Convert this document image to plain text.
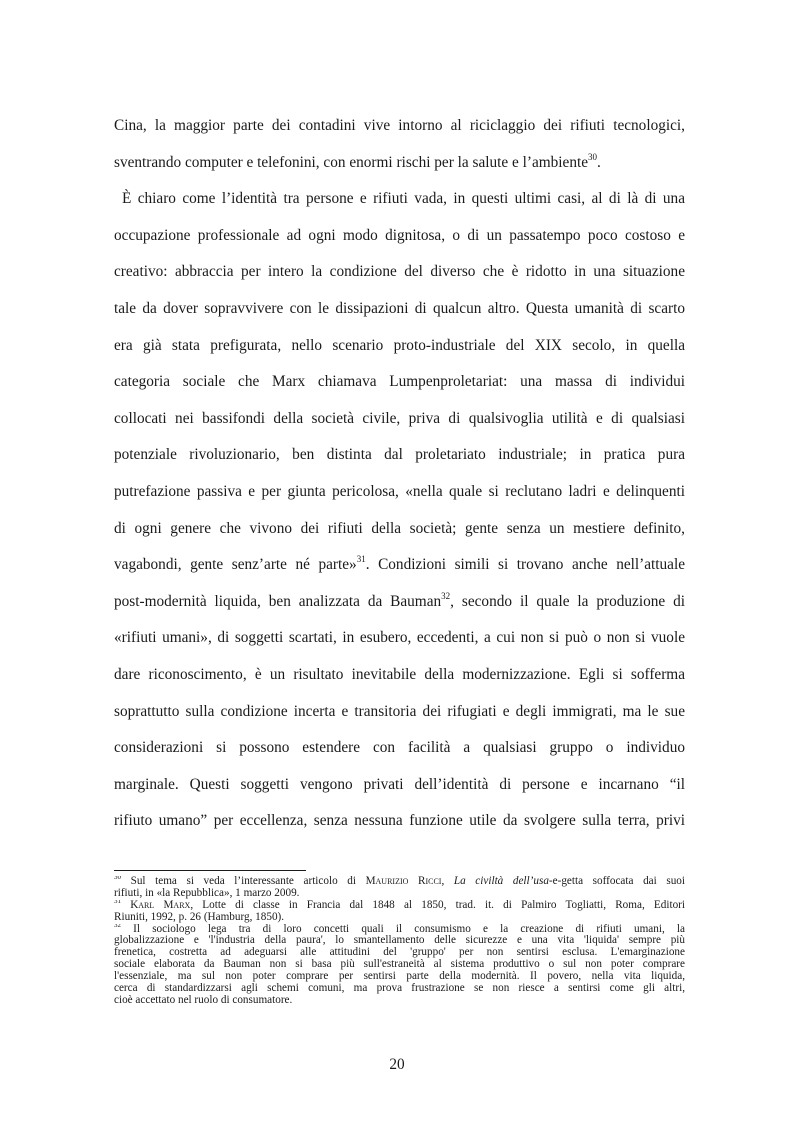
Cina, la maggior parte dei contadini vive intorno al riciclaggio dei rifiuti tecnologici,
sventrando computer e telefonini, con enormi rischi per la salute e l’ambiente$^{30}$.
È chiaro come l’identità tra persone e rifiuti vada, in questi ultimi casi, al di là di una
occupazione professionale ad ogni modo dignitosa, o di un passatempo poco costoso e
creativo: abbraccia per intero la condizione del diverso che è ridotto in una situazione
tale da dover sopravvivere con le dissipazioni di qualcun altro. Questa umanità di scarto
era già stata prefigurata, nello scenario proto-industriale del XIX secolo, in quella
categoria sociale che Marx chiamava Lumpenproletariat: una massa di individui
collocati nei bassifondi della società civile, priva di qualsivoglia utilità e di qualsiasi
potenziale rivoluzionario, ben distinta dal proletariato industriale; in pratica pura
putrefazione passiva e per giunta pericolosa, «nella quale si reclutano ladri e delinquenti
di ogni genere che vivono dei rifiuti della società; gente senza un mestiere definito,
vagabondi, gente senz’arte né parte»$^{31}$. Condizioni simili si trovano anche nell’attuale
post-modernità liquida, ben analizzata da Bauman$^{32}$, secondo il quale la produzione di
«rifiuti umani», di soggetti scartati, in esubero, eccedenti, a cui non si può o non si vuole
dare riconoscimento, è un risultato inevitabile della modernizzazione. Egli si sofferma
soprattutto sulla condizione incerta e transitoria dei rifugiati e degli immigrati, ma le sue
considerazioni si possono estendere con facilità a qualsiasi gruppo o individuo
marginale. Questi soggetti vengono privati dell’identità di persone e incarnano “il
rifiuto umano” per eccellenza, senza nessuna funzione utile da svolgere sulla terra, privi
$^{30}$ Sul tema si veda l’interessante articolo di Maurizio Ricci, La civiltà dell’usa-e-getta soffocata dai suoi
rifiuti, in «la Repubblica», 1 marzo 2009.
$^{31}$ Karl Marx, Lotte di classe in Francia dal 1848 al 1850, trad. it. di Palmiro Togliatti, Roma, Editori
Riuniti, 1992, p. 26 (Hamburg, 1850).
$^{32}$ Il sociologo lega tra di loro concetti quali il consumismo e la creazione di rifiuti umani, la
globalizzazione e 'l'industria della paura', lo smantellamento delle sicurezze e una vita 'liquida' sempre più
frenetica, costretta ad adeguarsi alle attitudini del 'gruppo' per non sentirsi esclusa. L'emarginazione
sociale elaborata da Bauman non si basa più sull'estraneità al sistema produttivo o sul non poter comprare
l'essenziale, ma sul non poter comprare per sentirsi parte della modernità. Il povero, nella vita liquida,
cerca di standardizzarsi agli schemi comuni, ma prova frustrazione se non riesce a sentirsi come gli altri,
cioè accettato nel ruolo di consumatore.
20
